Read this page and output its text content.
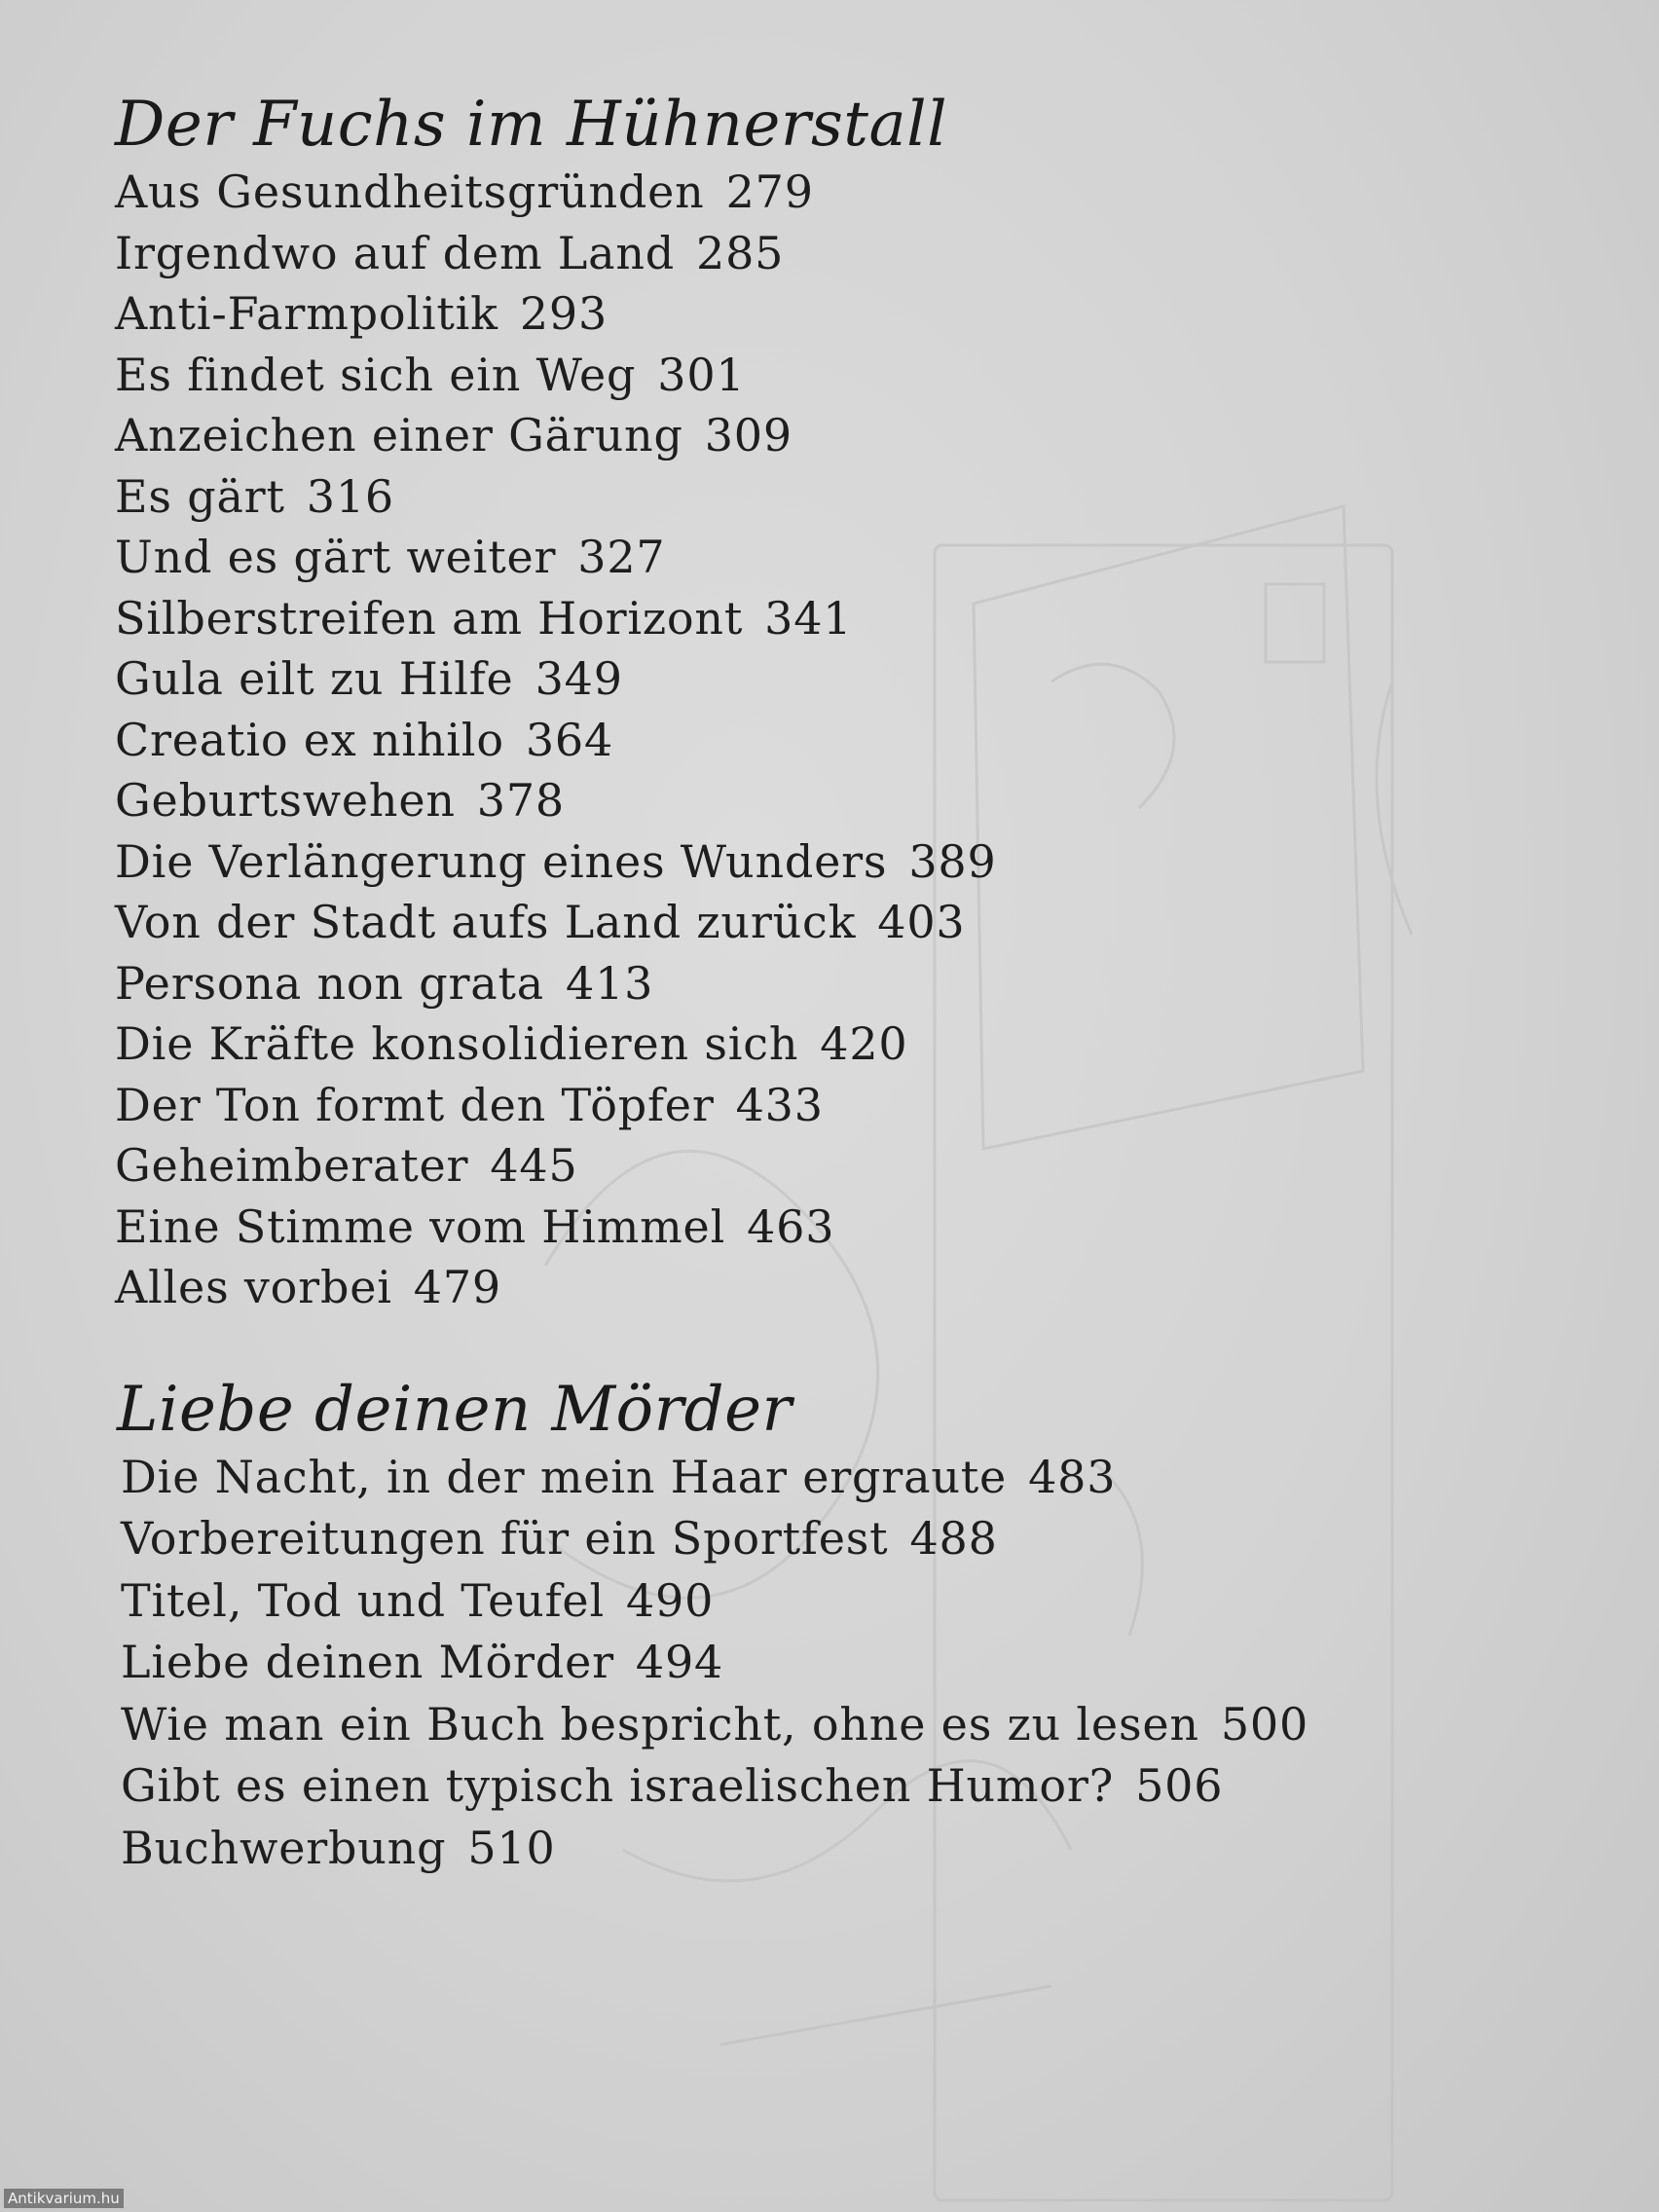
Der Fuchs im Hühnerstall
Aus Gesundheitsgründen 279
Irgendwo auf dem Land 285
Anti-Farmpolitik 293
Es findet sich ein Weg 301
Anzeichen einer Gärung 309
Es gärt 316
Und es gärt weiter 327
Silberstreifen am Horizont 341
Gula eilt zu Hilfe 349
Creatio ex nihilo 364
Geburtswehen 378
Die Verlängerung eines Wunders 389
Von der Stadt aufs Land zurück 403
Persona non grata 413
Die Kräfte konsolidieren sich 420
Der Ton formt den Töpfer 433
Geheimberater 445
Eine Stimme vom Himmel 463
Alles vorbei 479
Liebe deinen Mörder
Die Nacht, in der mein Haar ergraute 483
Vorbereitungen für ein Sportfest 488
Titel, Tod und Teufel 490
Liebe deinen Mörder 494
Wie man ein Buch bespricht, ohne es zu lesen 500
Gibt es einen typisch israelischen Humor? 506
Buchwerbung 510
Antikvarium.hu
